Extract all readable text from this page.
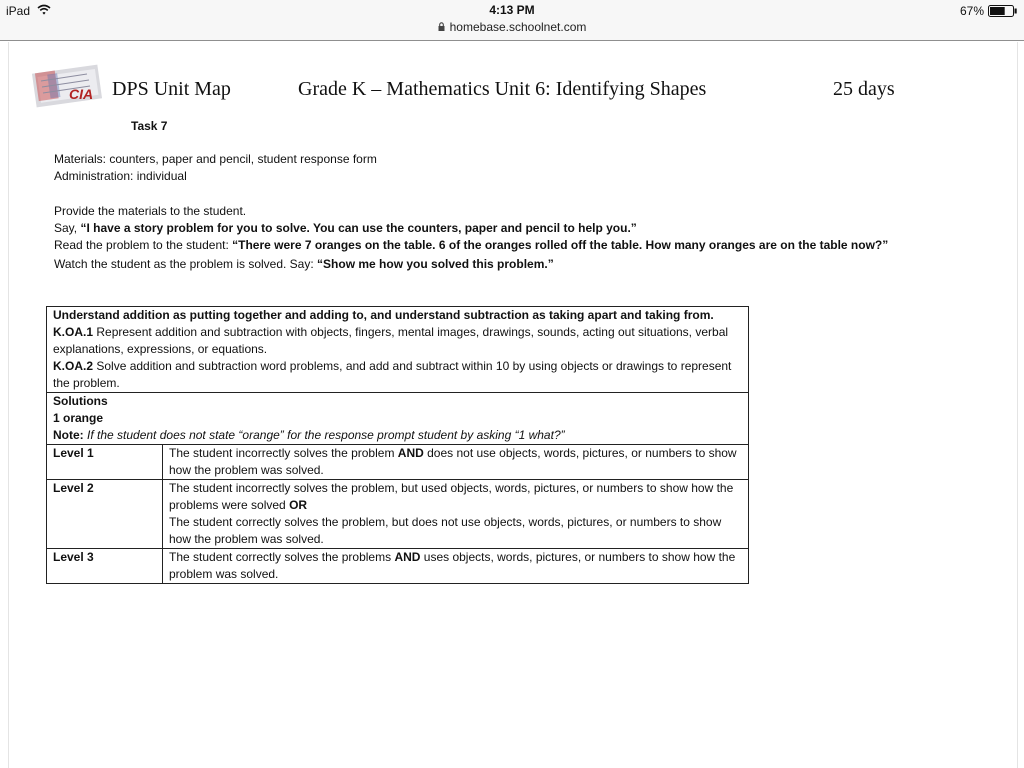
iPad	4:13 PM
homebase.schoolnet.com
67%
CIA DPS Unit Map	Grade K – Mathematics Unit 6: Identifying Shapes	25 days
Task 7
Materials: counters, paper and pencil, student response form
Administration: individual
Provide the materials to the student.
Say, “I have a story problem for you to solve. You can use the counters, paper and pencil to help you.”
Read the problem to the student: “There were 7 oranges on the table. 6 of the oranges rolled off the table. How many oranges are on the table now?”
Watch the student as the problem is solved. Say: “Show me how you solved this problem.”
Understand addition as putting together and adding to, and understand subtraction as taking apart and taking from.
K.OA.1 Represent addition and subtraction with objects, fingers, mental images, drawings, sounds, acting out situations, verbal explanations, expressions, or equations.
K.OA.2 Solve addition and subtraction word problems, and add and subtract within 10 by using objects or drawings to represent the problem.	

Solutions
1 orange
Note: If the student does not state “orange” for the response prompt student by asking “1 what?”	

Level 1	The student incorrectly solves the problem AND does not use objects, words, pictures, or numbers to show how the problem was solved.
Level 2	The student incorrectly solves the problem, but used objects, words, pictures, or numbers to show how the problems were solved OR
The student correctly solves the problem, but does not use objects, words, pictures, or numbers to show how the problem was solved.
Level 3	The student correctly solves the problems AND uses objects, words, pictures, or numbers to show how the problem was solved.
